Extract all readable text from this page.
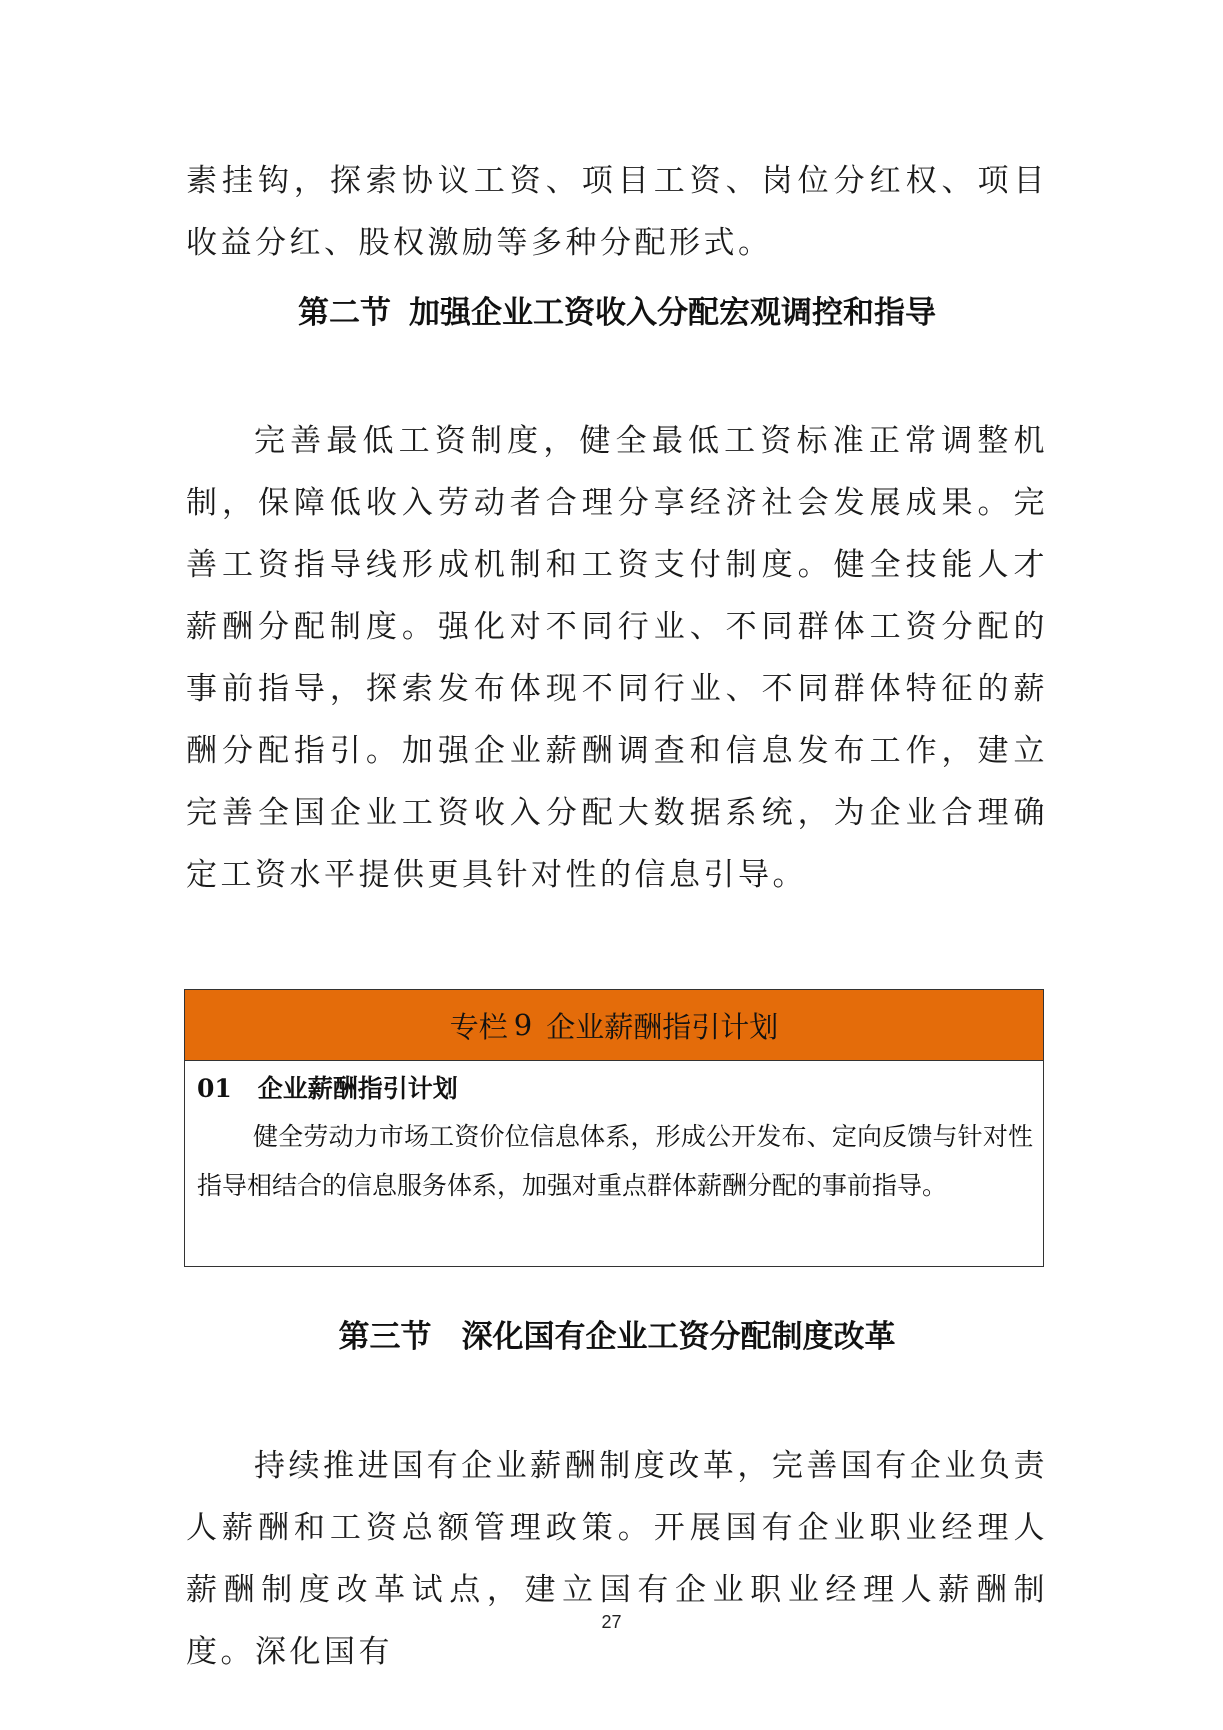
素挂钩，探索协议工资、项目工资、岗位分红权、项目收益分红、股权激励等多种分配形式。

第二节 加强企业工资收入分配宏观调控和指导

完善最低工资制度，健全最低工资标准正常调整机制，保障低收入劳动者合理分享经济社会发展成果。完善工资指导线形成机制和工资支付制度。健全技能人才薪酬分配制度。强化对不同行业、不同群体工资分配的事前指导，探索发布体现不同行业、不同群体特征的薪酬分配指引。加强企业薪酬调查和信息发布工作，建立完善全国企业工资收入分配大数据系统，为企业合理确定工资水平提供更具针对性的信息引导。

专栏 9 企业薪酬指引计划
01 企业薪酬指引计划

健全劳动力市场工资价位信息体系，形成公开发布、定向反馈与针对性指导相结合的信息服务体系，加强对重点群体薪酬分配的事前指导。

第三节 深化国有企业工资分配制度改革

持续推进国有企业薪酬制度改革，完善国有企业负责人薪酬和工资总额管理政策。开展国有企业职业经理人薪酬制度改革试点，建立国有企业职业经理人薪酬制度。深化国有

27
